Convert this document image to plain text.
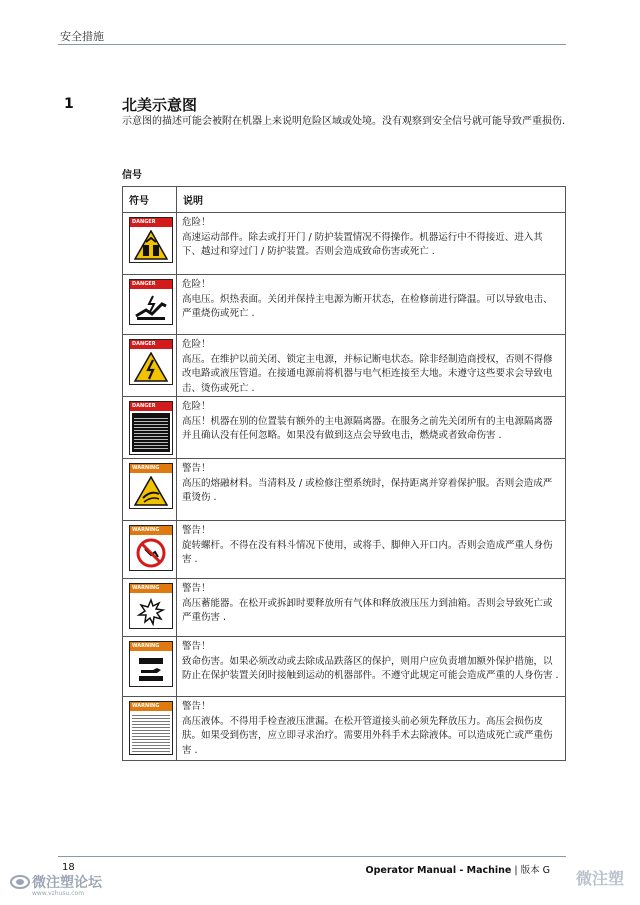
安全措施
1	北美示意图
示意图的描述可能会被附在机器上来说明危险区域或处境。没有观察到安全信号就可能导致严重损伤.
信号
符号	说明

DANGER	危险！
高速运动部件。除去或打开门 / 防护装置情况不得操作。机器运行中不得接近、进入其下、越过和穿过门 / 防护装置。否则会造成致命伤害或死亡 .

DANGER	危险！
高电压。炽热表面。关闭并保持主电源为断开状态，在检修前进行降温。可以导致电击、严重烧伤或死亡 .

DANGER	危险！
高压。在维护以前关闭、锁定主电源，并标记断电状态。除非经制造商授权，否则不得修改电路或液压管道。在接通电源前将机器与电气柜连接至大地。未遵守这些要求会导致电击、烫伤或死亡 .

DANGER	危险！
高压！机器在别的位置装有额外的主电源隔离器。在服务之前先关闭所有的主电源隔离器并且确认没有任何忽略。如果没有做到这点会导致电击，燃烧或者致命伤害 .

WARNING	警告！
高压的熔融材料。当清料及 / 或检修注塑系统时，保持距离并穿着保护服。否则会造成严重烫伤 .

WARNING	警告！
旋转螺杆。不得在没有料斗情况下使用，或将手、脚伸入开口内。否则会造成严重人身伤害 .

WARNING	警告！
高压蓄能器。在松开或拆卸时要释放所有气体和释放液压压力到油箱。否则会导致死亡或严重伤害 .

WARNING	警告！
致命伤害。如果必须改动或去除成品跌落区的保护，则用户应负责增加额外保护措施，以防止在保护装置关闭时接触到运动的机器部件。不遵守此规定可能会造成严重的人身伤害 .

WARNING	警告！
高压液体。不得用手检查液压泄漏。在松开管道接头前必须先释放压力。高压会损伤皮肤。如果受到伤害，应立即寻求治疗。需要用外科手术去除液体。可以造成死亡或严重伤害 .
18	Operator Manual - Machine | 版本 G
微注塑论坛
www.vzhusu.com
微注塑
